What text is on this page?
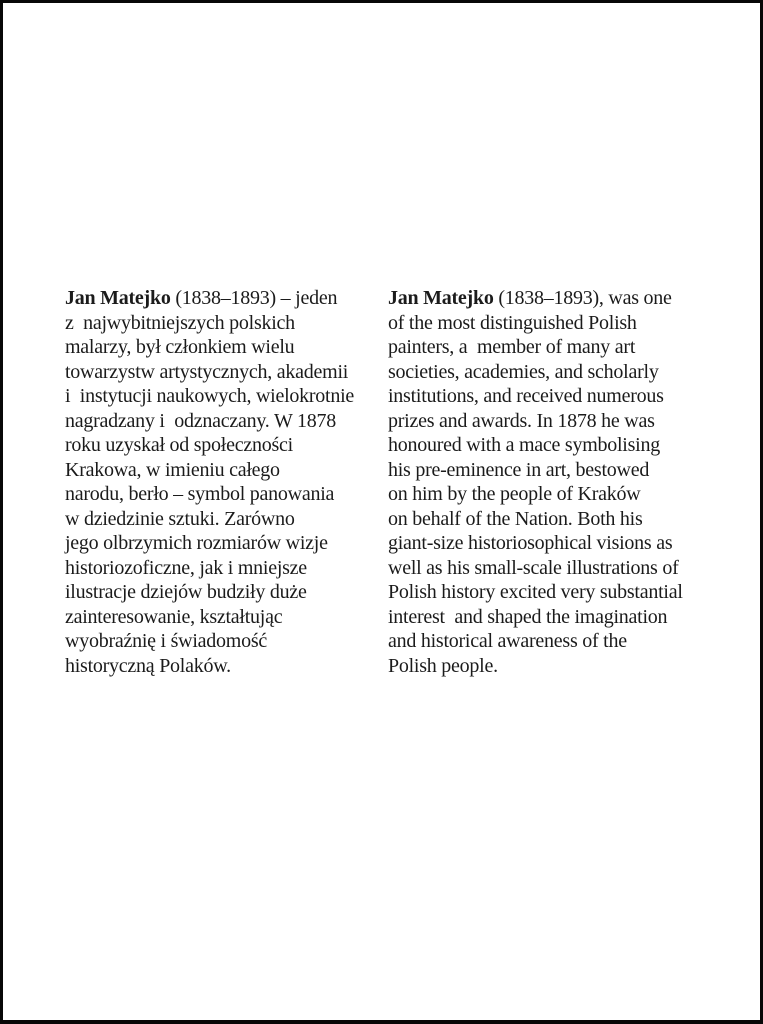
Jan Matejko (1838–1893) – jeden
z  najwybitniejszych polskich
malarzy, był członkiem wielu
towarzystw artystycznych, akademii
i  instytucji naukowych, wielokrotnie
nagradzany i  odznaczany. W 1878
roku uzyskał od społeczności
Krakowa, w imieniu całego
narodu, berło – symbol panowania
w dziedzinie sztuki. Zarówno
jego olbrzymich rozmiarów wizje
historiozoficzne, jak i mniejsze
ilustracje dziejów budziły duże
zainteresowanie, kształtując
wyobraźnię i świadomość
historyczną Polaków.
Jan Matejko (1838–1893), was one
of the most distinguished Polish
painters, a  member of many art
societies, academies, and scholarly
institutions, and received numerous
prizes and awards. In 1878 he was
honoured with a mace symbolising
his pre-eminence in art, bestowed
on him by the people of Kraków
on behalf of the Nation. Both his
giant-size historiosophical visions as
well as his small-scale illustrations of
Polish history excited very substantial
interest  and shaped the imagination
and historical awareness of the
Polish people.
